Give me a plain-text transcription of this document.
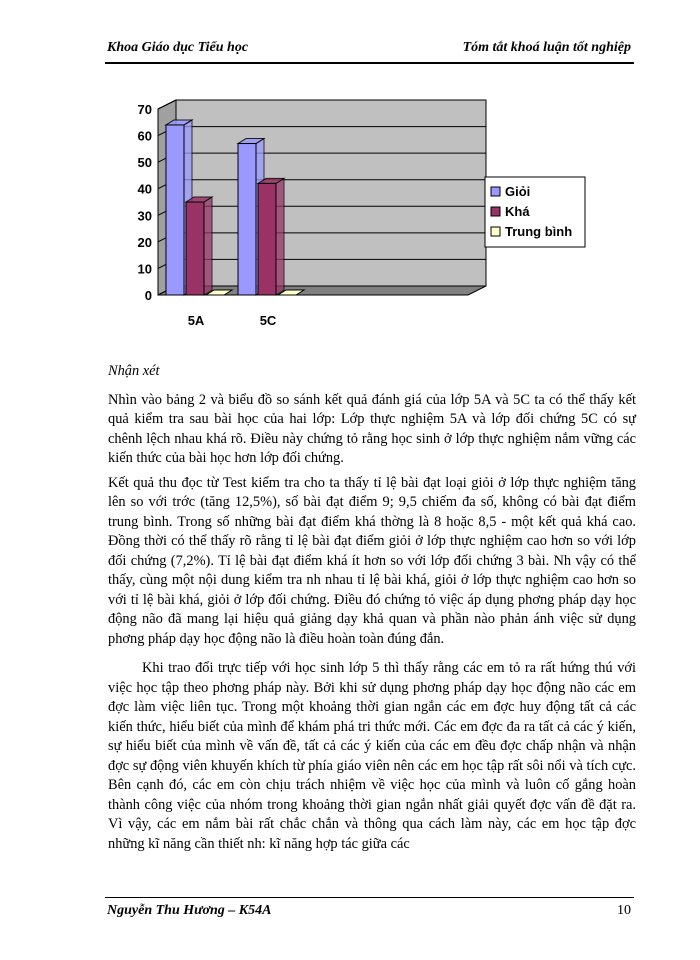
Khoa Giáo dục Tiểu học	Tóm tắt khoá luận tốt nghiệp
0
10
20
30
40
50
60
70
5A	5C
Giỏi
Khá
Trung bình
Nhận xét

Nhìn vào bảng 2 và biểu đồ so sánh kết quả đánh giá của lớp 5A và 5C ta có thể thấy kết quả kiểm tra sau bài học của hai lớp: Lớp thực nghiệm 5A và lớp đối chứng 5C có sự chênh lệch nhau khá rõ. Điều này chứng tỏ rằng học sinh ở lớp thực nghiệm nắm vững các kiến thức của bài học hơn lớp đối chứng.

Kết quả thu đọc từ Test kiểm tra cho ta thấy tỉ lệ bài đạt loại giỏi ở lớp thực nghiệm tăng lên so với trớc (tăng 12,5%), số bài đạt điểm 9; 9,5 chiếm đa số, không có bài đạt điểm trung bình. Trong số những bài đạt điểm khá thờng là 8 hoặc 8,5 - một kết quả khá cao. Đồng thời có thể thấy rõ rằng tỉ lệ bài đạt điểm giỏi ở lớp thực nghiệm cao hơn so với lớp đối chứng (7,2%). Tỉ lệ bài đạt điểm khá ít hơn so với lớp đối chứng 3 bài. Nh vậy có thể thấy, cùng một nội dung kiểm tra nh nhau tỉ lệ bài khá, giỏi ở lớp thực nghiệm cao hơn so với tỉ lệ bài khá, giỏi ở lớp đối chứng. Điều đó chứng tỏ việc áp dụng phơng pháp dạy học động não đã mang lại hiệu quả giảng dạy khả quan và phần nào phản ánh việc sử dụng phơng pháp dạy học động não là điều hoàn toàn đúng đắn.

Khi trao đổi trực tiếp với học sinh lớp 5 thì thấy rằng các em tỏ ra rất hứng thú với việc học tập theo phơng pháp này. Bởi khi sử dụng phơng pháp dạy học động não các em đợc làm việc liên tục. Trong một khoảng thời gian ngắn các em đợc huy động tất cả các kiến thức, hiểu biết của mình để khám phá tri thức mới. Các em đợc đa ra tất cả các ý kiến, sự hiểu biết của mình về vấn đề, tất cả các ý kiến của các em đều đợc chấp nhận và nhận đợc sự động viên khuyến khích từ phía giáo viên nên các em học tập rất sôi nổi và tích cực. Bên cạnh đó, các em còn chịu trách nhiệm về việc học của mình và luôn cố gắng hoàn thành công việc của nhóm trong khoảng thời gian ngắn nhất giải quyết đợc vấn đề đặt ra. Vì vậy, các em nắm bài rất chắc chắn và thông qua cách làm này, các em học tập đợc những kĩ năng cần thiết nh: kĩ năng hợp tác giữa các

Nguyễn Thu Hương – K54A	10
